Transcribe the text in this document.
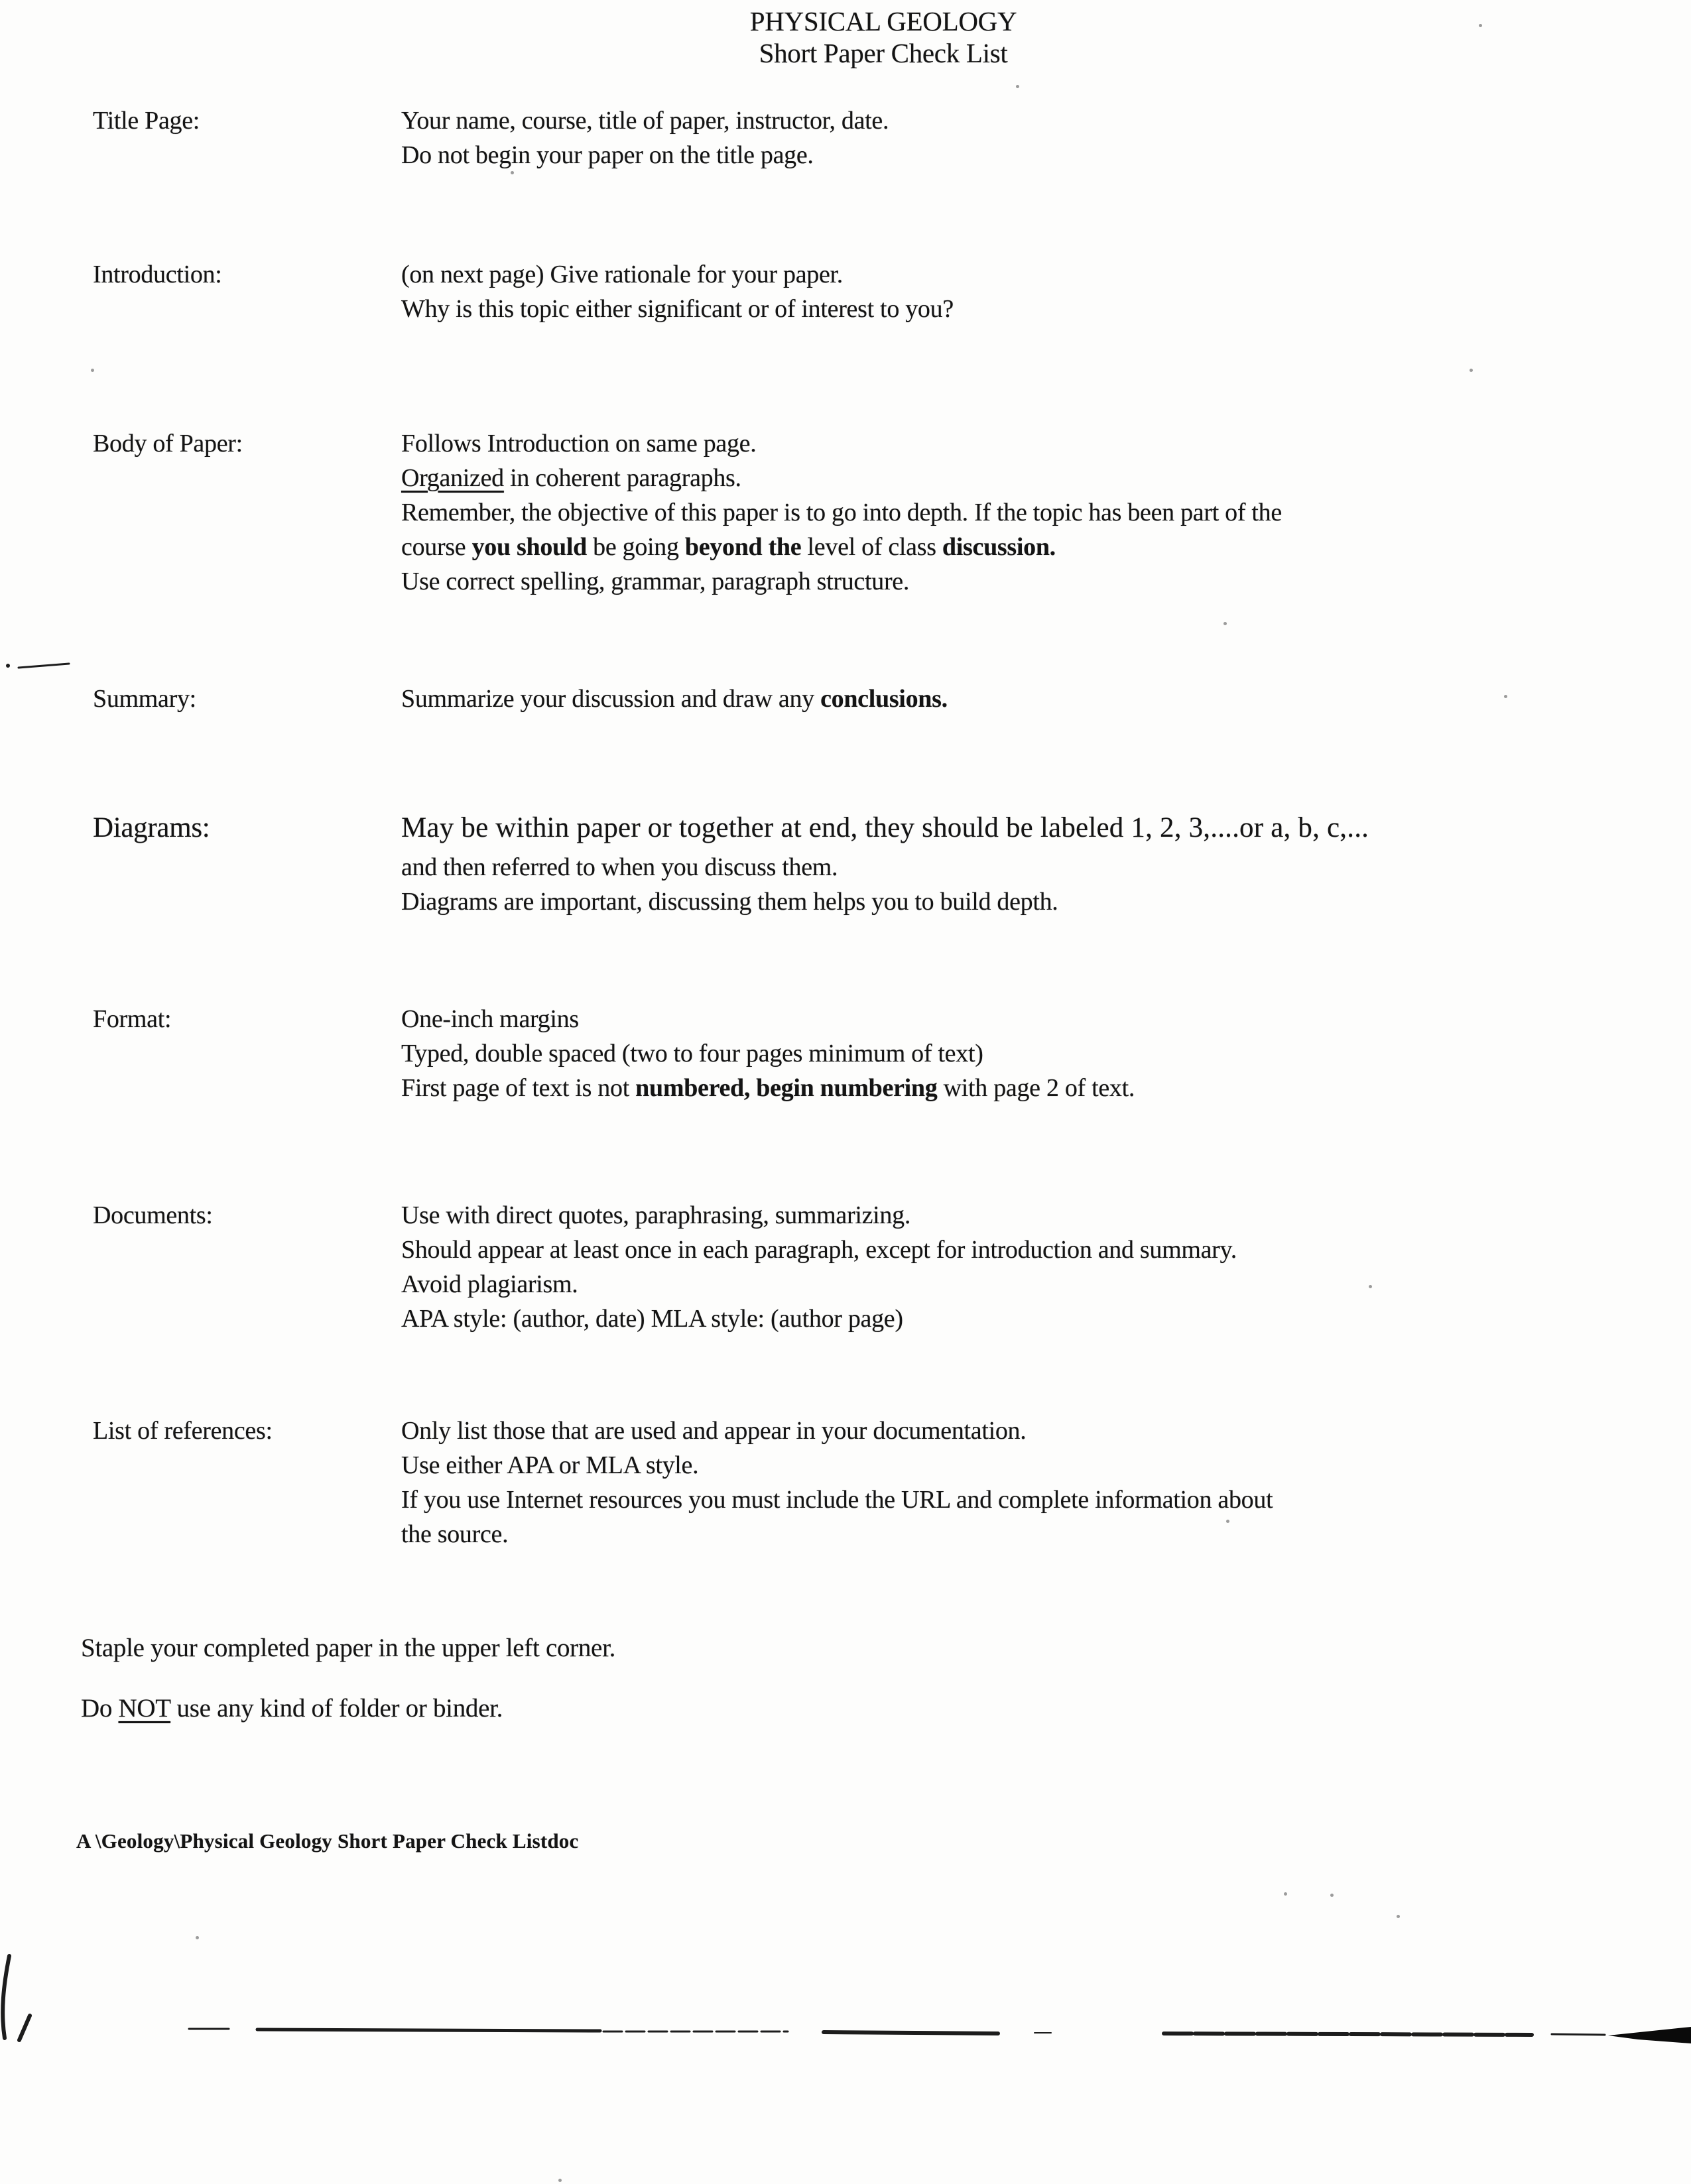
PHYSICAL GEOLOGY
Short Paper Check List
Title Page:	Your name, course, title of paper, instructor, date.
Do not begin your paper on the title page.
Introduction:	(on next page) Give rationale for your paper.
Why is this topic either significant or of interest to you?
Body of Paper:	Follows Introduction on same page.
Organized in coherent paragraphs.
Remember, the objective of this paper is to go into depth. If the topic has been part of the
course you should be going beyond the level of class discussion.
Use correct spelling, grammar, paragraph structure.
Summary:	Summarize your discussion and draw any conclusions.
Diagrams:	May be within paper or together at end, they should be labeled 1, 2, 3,....or a, b, c,...
and then referred to when you discuss them.
Diagrams are important, discussing them helps you to build depth.
Format:	One-inch margins
Typed, double spaced (two to four pages minimum of text)
First page of text is not numbered, begin numbering with page 2 of text.
Documents:	Use with direct quotes, paraphrasing, summarizing.
Should appear at least once in each paragraph, except for introduction and summary.
Avoid plagiarism.
APA style: (author, date) MLA style: (author page)
List of references:	Only list those that are used and appear in your documentation.
Use either APA or MLA style.
If you use Internet resources you must include the URL and complete information about
the source.
Staple your completed paper in the upper left corner.
Do NOT use any kind of folder or binder.
A \Geology\Physical Geology Short Paper Check Listdoc
